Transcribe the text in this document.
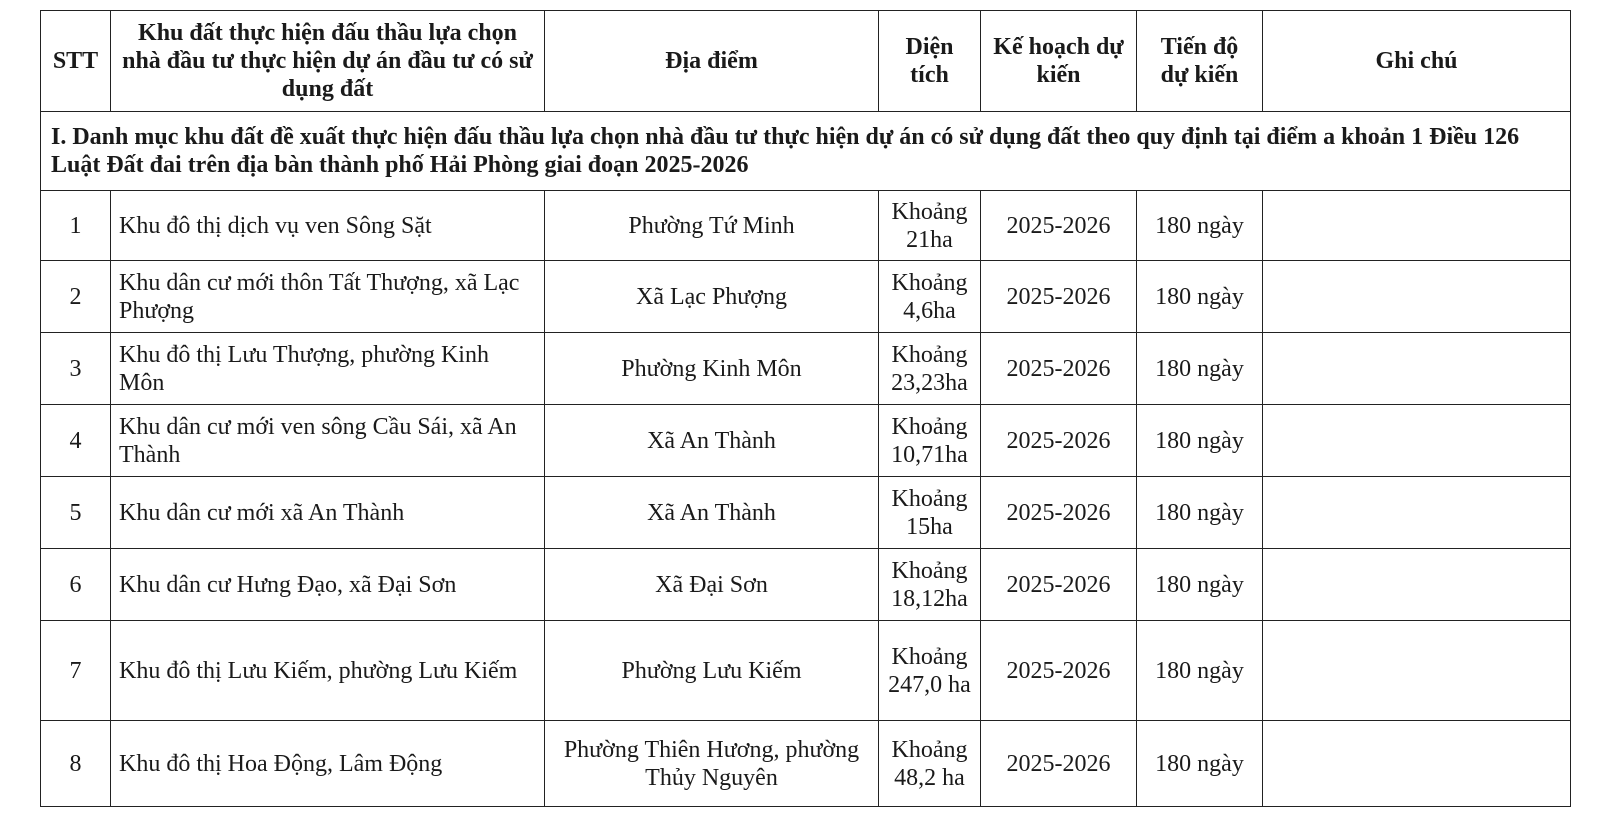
STT	Khu đất thực hiện đấu thầu lựa chọn nhà đầu tư thực hiện dự án đầu tư có sử dụng đất	Địa điểm	Diện tích	Kế hoạch dự kiến	Tiến độ dự kiến	Ghi chú
I. Danh mục khu đất đề xuất thực hiện đấu thầu lựa chọn nhà đầu tư thực hiện dự án có sử dụng đất theo quy định tại điểm a khoản 1 Điều 126 Luật Đất đai trên địa bàn thành phố Hải Phòng giai đoạn 2025-2026						
1	Khu đô thị dịch vụ ven Sông Sặt	Phường Tứ Minh	Khoảng 21ha	2025-2026	180 ngày	
2	Khu dân cư mới thôn Tất Thượng, xã Lạc Phượng	Xã Lạc Phượng	Khoảng 4,6ha	2025-2026	180 ngày	
3	Khu đô thị Lưu Thượng, phường Kinh Môn	Phường Kinh Môn	Khoảng 23,23ha	2025-2026	180 ngày	
4	Khu dân cư mới ven sông Cầu Sái, xã An Thành	Xã An Thành	Khoảng 10,71ha	2025-2026	180 ngày	
5	Khu dân cư mới xã An Thành	Xã An Thành	Khoảng 15ha	2025-2026	180 ngày	
6	Khu dân cư Hưng Đạo, xã Đại Sơn	Xã Đại Sơn	Khoảng 18,12ha	2025-2026	180 ngày	
7	Khu đô thị Lưu Kiếm, phường Lưu Kiếm	Phường Lưu Kiếm	Khoảng 247,0 ha	2025-2026	180 ngày	
8	Khu đô thị Hoa Động, Lâm Động	Phường Thiên Hương, phường Thủy Nguyên	Khoảng 48,2 ha	2025-2026	180 ngày	
